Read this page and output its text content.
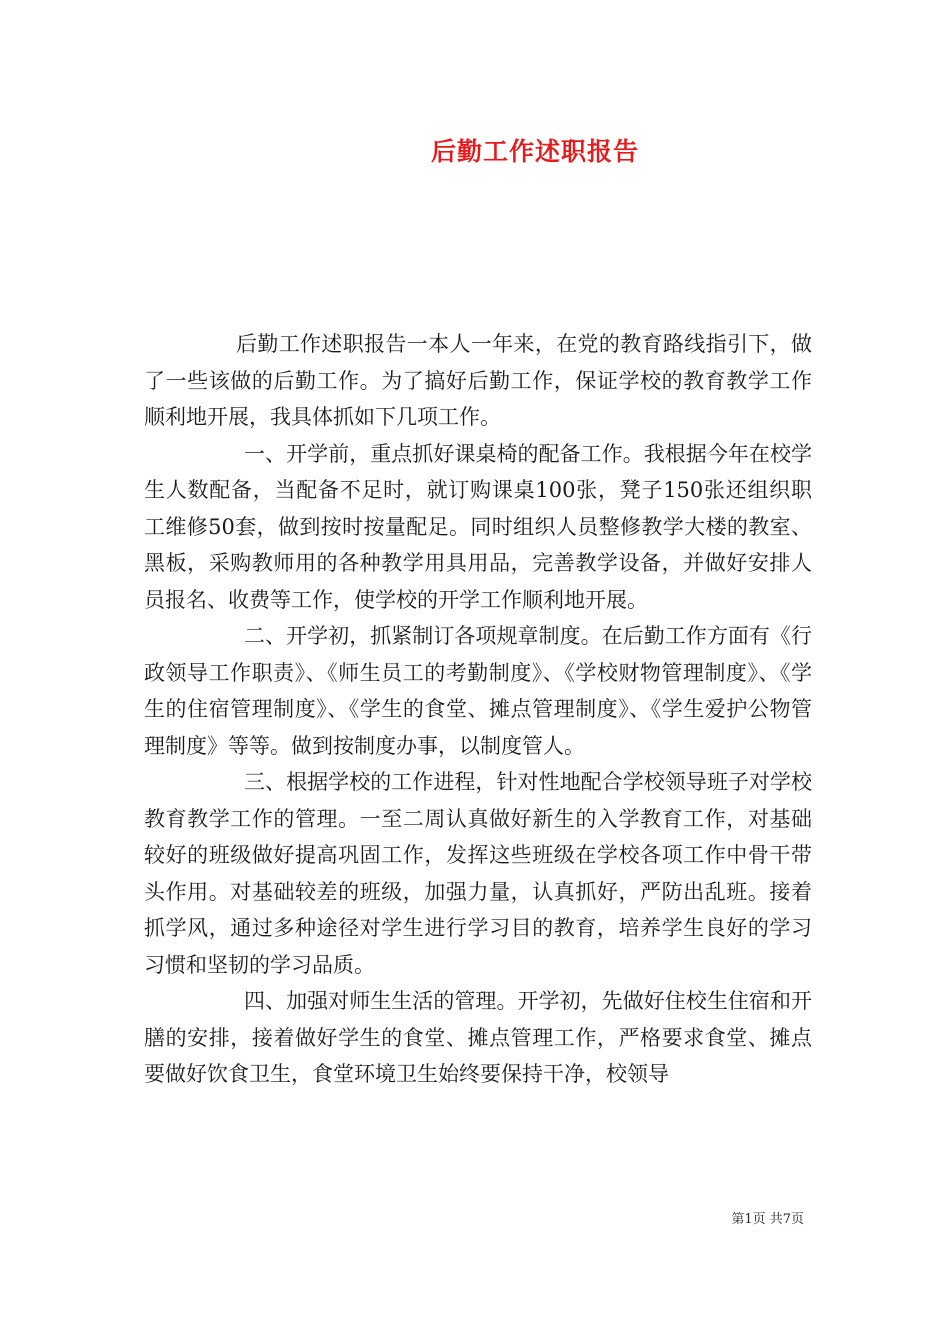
后勤工作述职报告

后勤工作述职报告一本人一年来，在党的教育路线指引下，做了一些该做的后勤工作。为了搞好后勤工作，保证学校的教育教学工作顺利地开展，我具体抓如下几项工作。

一、开学前，重点抓好课桌椅的配备工作。我根据今年在校学生人数配备，当配备不足时，就订购课桌100张，凳子150张还组织职工维修50套，做到按时按量配足。同时组织人员整修教学大楼的教室、黑板，采购教师用的各种教学用具用品，完善教学设备，并做好安排人员报名、收费等工作，使学校的开学工作顺利地开展。

二、开学初，抓紧制订各项规章制度。在后勤工作方面有《行政领导工作职责》、《师生员工的考勤制度》、《学校财物管理制度》、《学生的住宿管理制度》、《学生的食堂、摊点管理制度》、《学生爱护公物管理制度》等等。做到按制度办事，以制度管人。

三、根据学校的工作进程，针对性地配合学校领导班子对学校教育教学工作的管理。一至二周认真做好新生的入学教育工作，对基础较好的班级做好提高巩固工作，发挥这些班级在学校各项工作中骨干带头作用。对基础较差的班级，加强力量，认真抓好，严防出乱班。接着抓学风，通过多种途径对学生进行学习目的教育，培养学生良好的学习习惯和坚韧的学习品质。

四、加强对师生生活的管理。开学初，先做好住校生住宿和开膳的安排，接着做好学生的食堂、摊点管理工作，严格要求食堂、摊点要做好饮食卫生，食堂环境卫生始终要保持干净，校领导

第1页 共7页
